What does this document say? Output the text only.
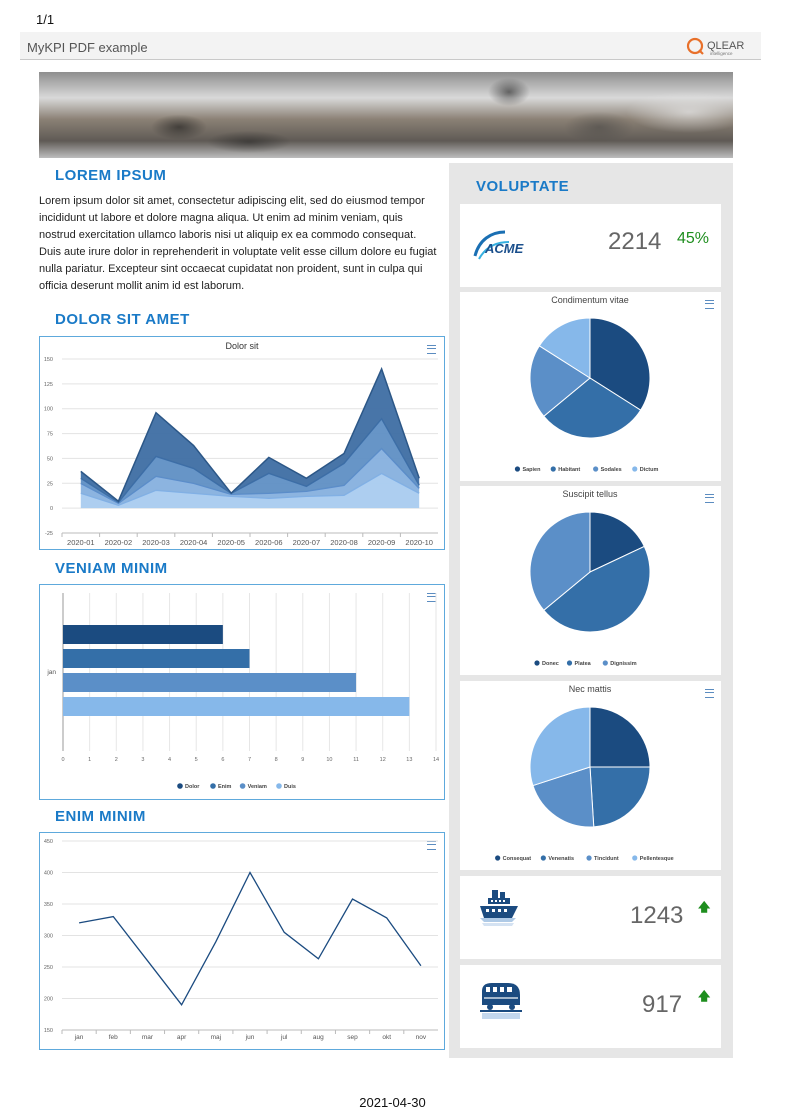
1/1
MyKPI PDF example	QLEAR
intelligence
LOREM IPSUM
Lorem ipsum dolor sit amet, consectetur adipiscing elit, sed do eiusmod tempor incididunt ut labore et dolore magna aliqua. Ut enim ad minim veniam, quis nostrud exercitation ullamco laboris nisi ut aliquip ex ea commodo consequat. Duis aute irure dolor in reprehenderit in voluptate velit esse cillum dolore eu fugiat nulla pariatur. Excepteur sint occaecat cupidatat non proident, sunt in culpa qui officia deserunt mollit anim id est laborum.
DOLOR SIT AMET
Dolor sit
-25
0
25
50
75
100
125
150
2020-01 2020-02 2020-03 2020-04 2020-05 2020-06 2020-07 2020-08 2020-09 2020-10
VENIAM MINIM
0	1	2	3	4	5	6	7	8	9	10	11	12	13	14
jan
Dolor	Enim	Veniam	Duis
ENIM MINIM
150
200
250
300
350
400
450
jan	feb	mar	apr	maj	jun	jul	aug	sep	okt	nov
VOLUPTATE
ACME	2214 45%
Condimentum vitae
Sapien	Habitant	Sodales	Dictum
Suscipit tellus
Donec	Platea	Dignissim
Nec mattis
Consequat	Venenatis	Tincidunt	Pellentesque
1243 🡅
917 🡅
2021-04-30
